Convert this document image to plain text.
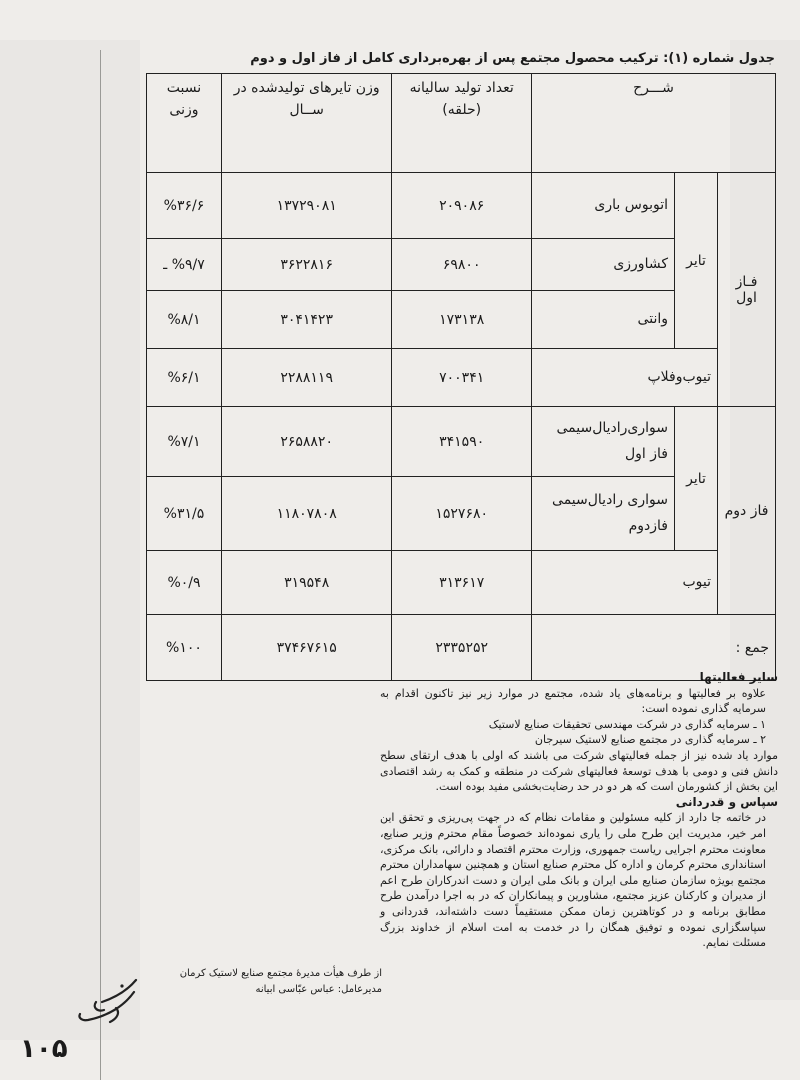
جدول شماره (۱): ترکیب محصول مجتمع پس از بهره‌برداری کامل از فاز اول و دوم
شـــرح			تعداد تولید سالیانه (حلقه)	وزن تایرهای تولیدشده در ســال	نسبت وزنی
فـاز اول	تایر	اتوبوس باری	۲۰۹۰۸۶	۱۳۷۲۹۰۸۱	%۳۶/۶
		کشاورزی	۶۹۸۰۰	۳۶۲۲۸۱۶	%۹/۷ ـ
		وانتی	۱۷۳۱۳۸	۳۰۴۱۴۲۳	%۸/۱
	تیوب‌وفلاپ		۷۰۰۳۴۱	۲۲۸۸۱۱۹	%۶/۱
فاز دوم	تایر	سواری‌رادیال‌سیمی فاز اول	۳۴۱۵۹۰	۲۶۵۸۸۲۰	%۷/۱
		سواری رادیال‌سیمی فازدوم	۱۵۲۷۶۸۰	۱۱۸۰۷۸۰۸	%۳۱/۵
	تیوب		۳۱۳۶۱۷	۳۱۹۵۴۸	%۰/۹
جمع :			۲۳۳۵۲۵۲	۳۷۴۶۷۶۱۵	%۱۰۰

سایر فعالیتها

علاوه بر فعالیتها و برنامه‌های یاد شده، مجتمع در موارد زیر نیز تاکنون اقدام به سرمایه گذاری نموده است:

۱ ـ سرمایه گذاری در شرکت مهندسی تحقیقات صنایع لاستیک

۲ ـ سرمایه گذاری در مجتمع صنایع لاستیک سیرجان

موارد یاد شده نیز از جمله فعالیتهای شرکت می باشند که اولی با هدف ارتقای سطح دانش فنی و دومی با هدف توسعهٔ فعالیتهای شرکت در منطقه و کمک به رشد اقتصادی این بخش از کشورمان است که هر دو در حد رضایت‌بخشی مفید بوده است.

سپاس و قدردانی

در خاتمه جا دارد از کلیه مسئولین و مقامات نظام که در جهت پی‌ریزی و تحقق این امر خیر، مدیریت این طرح ملی را یاری نموده‌اند خصوصاً مقام محترم وزیر صنایع، معاونت محترم اجرایی ریاست جمهوری، وزارت محترم اقتصاد و دارائی، بانک مرکزی، استانداری محترم کرمان و اداره کل محترم صنایع استان و همچنین سهامداران محترم مجتمع بویژه سازمان صنایع ملی ایران و بانک ملی ایران و دست اندرکاران طرح اعم از مدیران و کارکنان عزیز مجتمع، مشاورین و پیمانکاران که در به اجرا درآمدن طرح مطابق برنامه و در کوتاهترین زمان ممکن مستقیماً دست داشته‌اند، قدردانی و سپاسگزاری نموده و توفیق همگان را در خدمت به امت اسلام از خداوند بزرگ مسئلت نمایم.

از طرف هیأت مدیرهٔ مجتمع صنایع لاستیک کرمان
مدیرعامل: عباس عبّاسی ابیانه
۱۰۵
